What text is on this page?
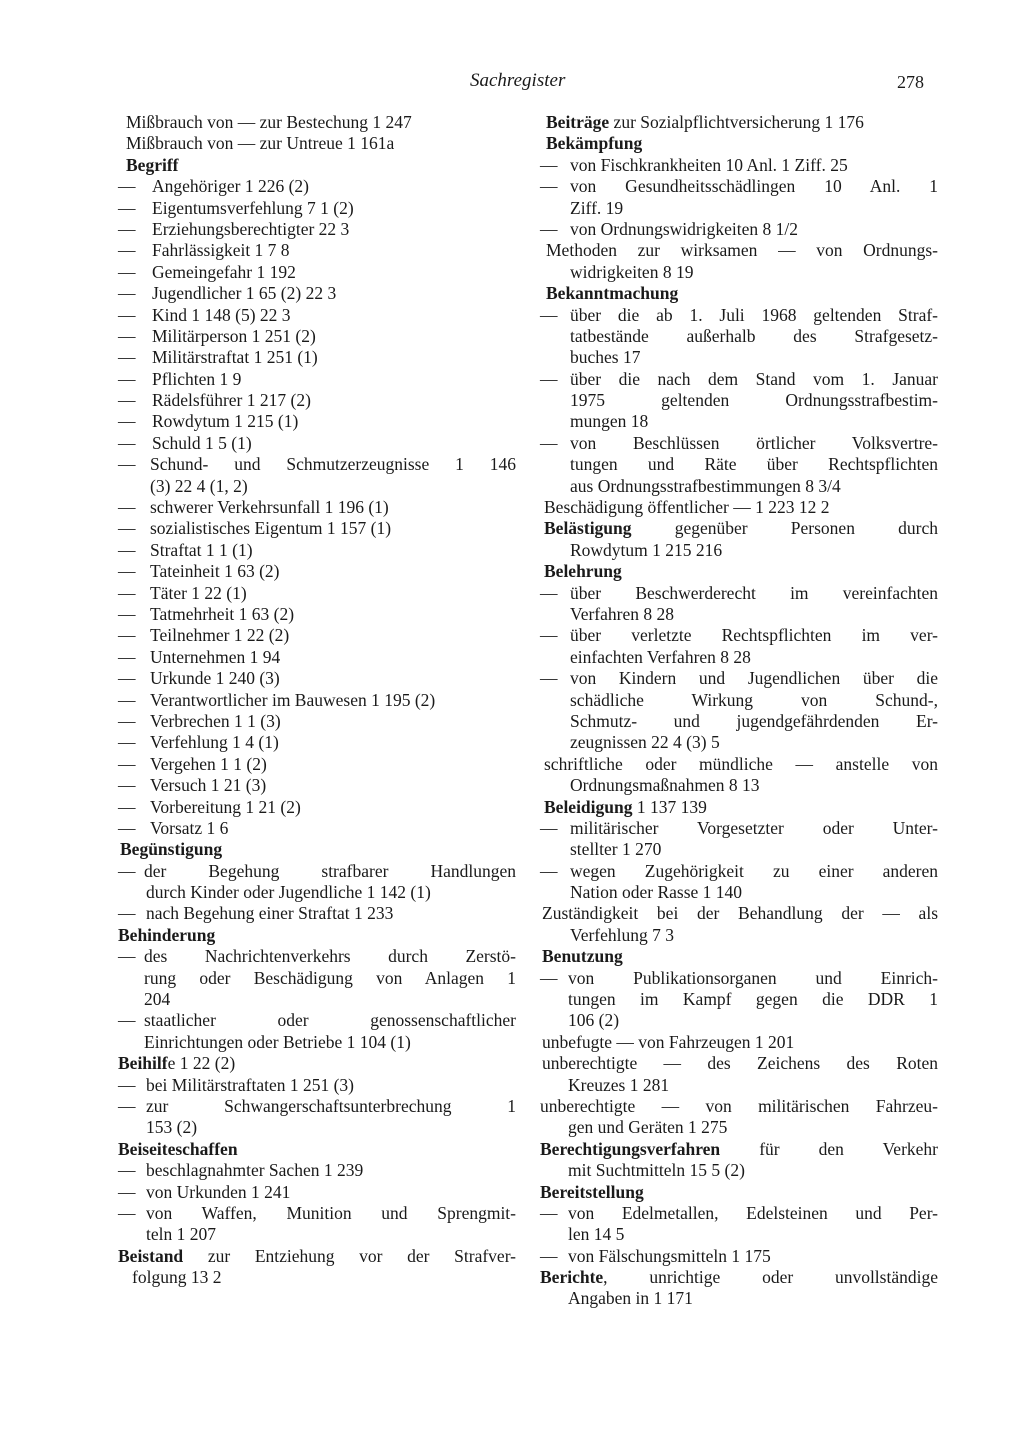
Sachregister	278
Mißbrauch von — zur Bestechung 1 247
Mißbrauch von — zur Untreue 1 161a
Begriff
— Angehöriger 1 226 (2)
— Eigentumsverfehlung 7 1 (2)
— Erziehungsberechtigter 22 3
— Fahrlässigkeit 1 7 8
— Gemeingefahr 1 192
— Jugendlicher 1 65 (2) 22 3
— Kind 1 148 (5) 22 3
— Militärperson 1 251 (2)
— Militärstraftat 1 251 (1)
— Pflichten 1 9
— Rädelsführer 1 217 (2)
— Rowdytum 1 215 (1)
— Schuld 1 5 (1)
— Schund- und Schmutzerzeugnisse 1 146
(3) 22 4 (1, 2)
— schwerer Verkehrsunfall 1 196 (1)
— sozialistisches Eigentum 1 157 (1)
— Straftat 1 1 (1)
— Tateinheit 1 63 (2)
— Täter 1 22 (1)
— Tatmehrheit 1 63 (2)
— Teilnehmer 1 22 (2)
— Unternehmen 1 94
— Urkunde 1 240 (3)
— Verantwortlicher im Bauwesen 1 195 (2)
— Verbrechen 1 1 (3)
— Verfehlung 1 4 (1)
— Vergehen 1 1 (2)
— Versuch 1 21 (3)
— Vorbereitung 1 21 (2)
— Vorsatz 1 6
Begünstigung
— der Begehung strafbarer Handlungen
durch Kinder oder Jugendliche 1 142 (1)
— nach Begehung einer Straftat 1 233
Behinderung
— des Nachrichtenverkehrs durch Zerstö-
rung oder Beschädigung von Anlagen 1
204
— staatlicher oder genossenschaftlicher
Einrichtungen oder Betriebe 1 104 (1)
Beihilfe 1 22 (2)
— bei Militärstraftaten 1 251 (3)
— zur Schwangerschaftsunterbrechung 1
153 (2)
Beiseiteschaffen
— beschlagnahmter Sachen 1 239
— von Urkunden 1 241
— von Waffen, Munition und Sprengmit-
teln 1 207
Beistand zur Entziehung vor der Strafver-
folgung 13 2
Beiträge zur Sozialpflichtversicherung 1 176
Bekämpfung
— von Fischkrankheiten 10 Anl. 1 Ziff. 25
— von Gesundheitsschädlingen 10 Anl. 1
Ziff. 19
— von Ordnungswidrigkeiten 8 1/2
Methoden zur wirksamen — von Ordnungs-
widrigkeiten 8 19
Bekanntmachung
— über die ab 1. Juli 1968 geltenden Straf-
tatbestände außerhalb des Strafgesetz-
buches 17
— über die nach dem Stand vom 1. Januar
1975 geltenden Ordnungsstrafbestim-
mungen 18
— von Beschlüssen örtlicher Volksvertre-
tungen und Räte über Rechtspflichten
aus Ordnungsstrafbestimmungen 8 3/4
Beschädigung öffentlicher — 1 223 12 2
Belästigung gegenüber Personen durch
Rowdytum 1 215 216
Belehrung
— über Beschwerderecht im vereinfachten
Verfahren 8 28
— über verletzte Rechtspflichten im ver-
einfachten Verfahren 8 28
— von Kindern und Jugendlichen über die
schädliche Wirkung von Schund-,
Schmutz- und jugendgefährdenden Er-
zeugnissen 22 4 (3) 5
schriftliche oder mündliche — anstelle von
Ordnungsmaßnahmen 8 13
Beleidigung 1 137 139
— militärischer Vorgesetzter oder Unter-
stellter 1 270
— wegen Zugehörigkeit zu einer anderen
Nation oder Rasse 1 140
Zuständigkeit bei der Behandlung der — als
Verfehlung 7 3
Benutzung
— von Publikationsorganen und Einrich-
tungen im Kampf gegen die DDR 1
106 (2)
unbefugte — von Fahrzeugen 1 201
unberechtigte — des Zeichens des Roten
Kreuzes 1 281
unberechtigte — von militärischen Fahrzeu-
gen und Geräten 1 275
Berechtigungsverfahren für den Verkehr
mit Suchtmitteln 15 5 (2)
Bereitstellung
— von Edelmetallen, Edelsteinen und Per-
len 14 5
— von Fälschungsmitteln 1 175
Berichte, unrichtige oder unvollständige
Angaben in 1 171
